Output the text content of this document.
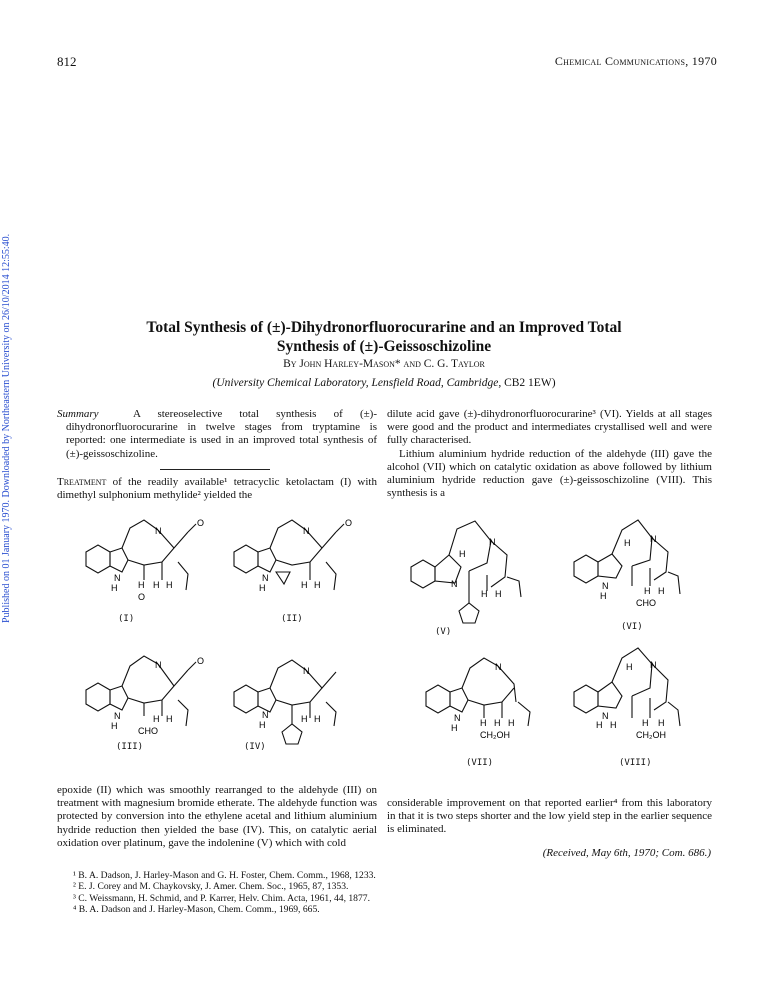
812	Chemical Communications, 1970
Published on 01 January 1970. Downloaded by Northeastern University on 26/10/2014 12:55:40.	Total Synthesis of (±)-Dihydronorfluorocurarine and an Improved Total
Synthesis of (±)-Geissoschizoline
By John Harley-Mason* and C. G. Taylor
(University Chemical Laboratory, Lensfield Road, Cambridge, CB2 1EW)
Summary	A stereoselective total synthesis of (±)-dihydronorfluorocurarine in twelve stages from tryptamine is reported: one intermediate is used in an improved total synthesis of (±)-geissoschizoline.
Treatment of the readily available¹ tetracyclic ketolactam (I) with dimethyl sulphonium methylide² yielded the
dilute acid gave (±)-dihydronorfluorocurarine³ (VI). Yields at all stages were good and the product and intermediates crystallised well and were fully characterised.
Lithium aluminium hydride reduction of the aldehyde (III) gave the alcohol (VII) which on catalytic oxidation as above followed by lithium aluminium hydride reduction gave (±)-geissoschizoline (VIII). This synthesis is a
N
H
N
O
H H H
O
(I)
N
H
N
O
H H
(II)
N
N
H
H H
(V)
N
H
N
H
H H
CHO
(VI)
N
H
N	O
H H
CHO
(III)
N
H
N
H H
(IV)
N
H
N
H H H
CH₂OH
(VII)
N
H H
N
H
H H
CH₂OH
(VIII)
epoxide (II) which was smoothly rearranged to the aldehyde (III) on treatment with magnesium bromide etherate. The aldehyde function was protected by conversion into the ethylene acetal and lithium aluminium hydride reduction then yielded the base (IV). This, on catalytic aerial oxidation over platinum, gave the indolenine (V) which with cold
considerable improvement on that reported earlier⁴ from this laboratory in that it is two steps shorter and the low yield step in the earlier sequence is eliminated.
(Received, May 6th, 1970; Com. 686.)
¹ B. A. Dadson, J. Harley-Mason and G. H. Foster, Chem. Comm., 1968, 1233.
² E. J. Corey and M. Chaykovsky, J. Amer. Chem. Soc., 1965, 87, 1353.
³ C. Weissmann, H. Schmid, and P. Karrer, Helv. Chim. Acta, 1961, 44, 1877.
⁴ B. A. Dadson and J. Harley-Mason, Chem. Comm., 1969, 665.
